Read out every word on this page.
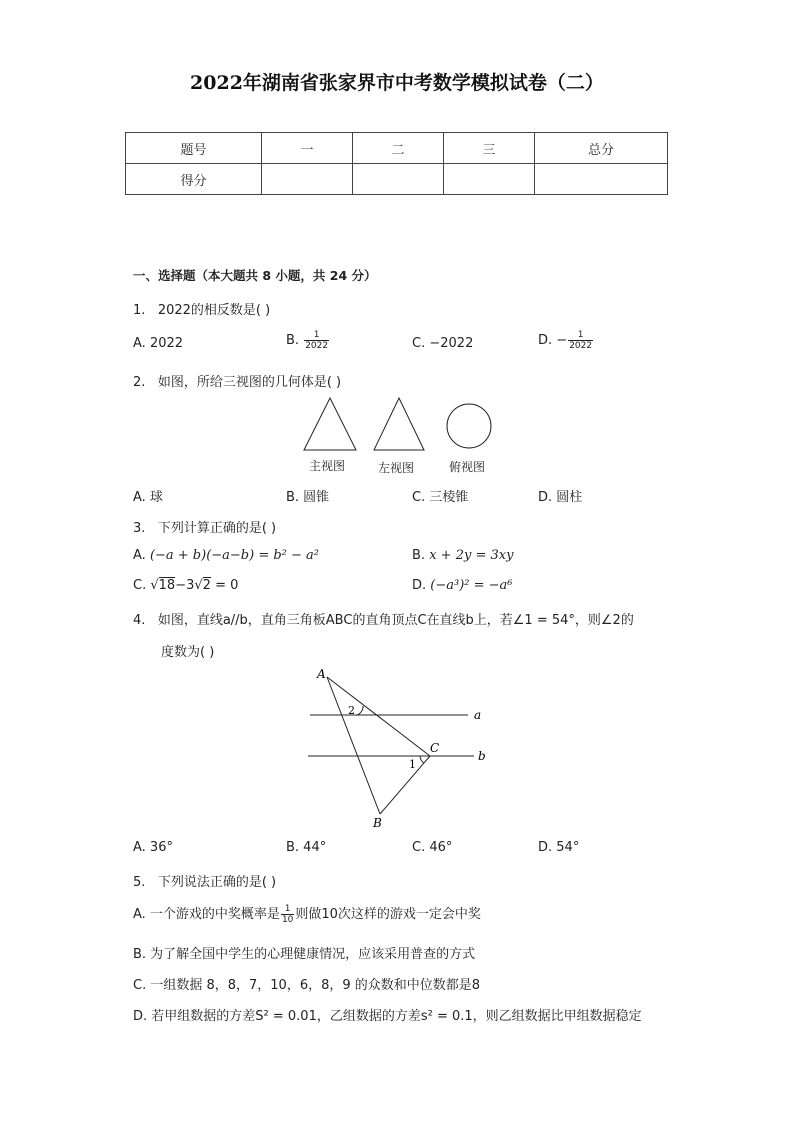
2022年湖南省张家界市中考数学模拟试卷（二）
题号	一	二	三	总分
得分				
一、选择题（本大题共 8 小题，共 24 分）
1. 2022的相反数是( )
A. 2022	B. $\frac{1}{2022}$	C. −2022	D. − $\frac{1}{2022}$
2. 如图，所给三视图的几何体是( )
主视图	左视图	俯视图
A. 球	B. 圆锥	C. 三棱锥	D. 圆柱
3. 下列计算正确的是( )
A. (−a + b)(−a−b) = b² − a²	B. x + 2y = 3xy
C. √18−3√2 = 0	D. (−a³)² = −a⁶
4. 如图，直线a//b，直角三角板ABC的直角顶点C在直线b上，若∠1 = 54°，则∠2的
度数为( )
A
B
C
a
b
1
2
A. 36°	B. 44°	C. 46°	D. 54°
5. 下列说法正确的是( )
A. 一个游戏的中奖概率是 $\frac{1}{10}$ 则做10次这样的游戏一定会中奖
B. 为了解全国中学生的心理健康情况，应该采用普查的方式
C. 一组数据 8，8，7，10，6，8，9 的众数和中位数都是8
D. 若甲组数据的方差S² = 0.01，乙组数据的方差s² = 0.1，则乙组数据比甲组数据稳定
